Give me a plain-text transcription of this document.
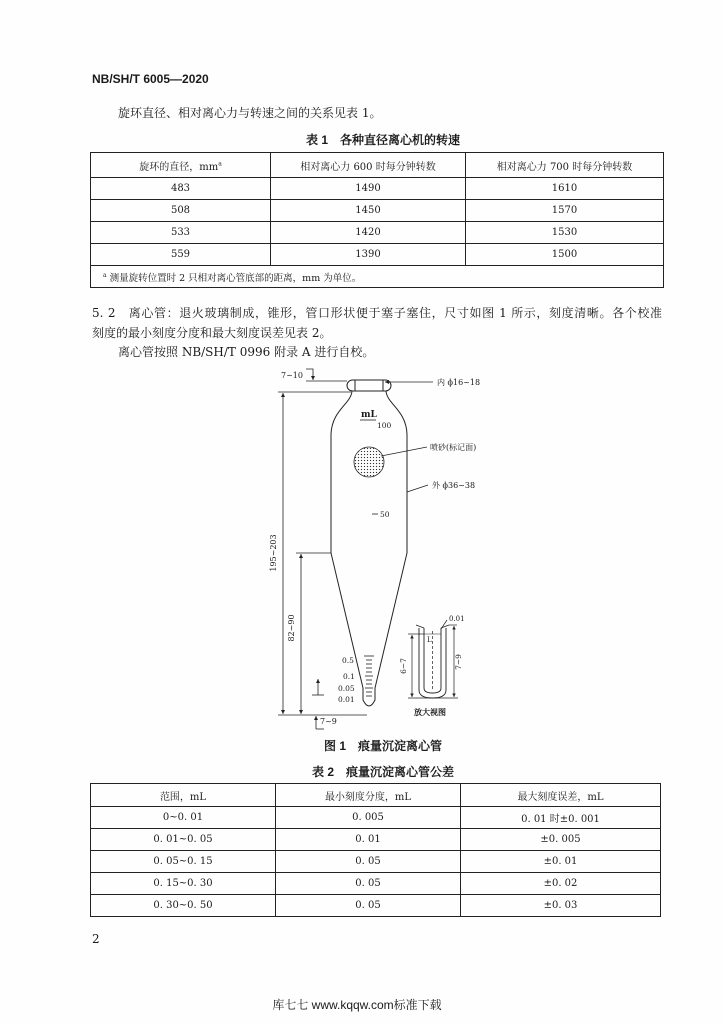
NB/SH/T 6005—2020
旋环直径、相对离心力与转速之间的关系见表 1。
表 1　各种直径离心机的转速
旋环的直径，$mm^a$	相对离心力 600 时每分钟转数	相对离心力 700 时每分钟转数
483	1490	1610
508	1450	1570
533	1420	1530
559	1390	1500
$^a$ 测量旋转位置时 2 只相对离心管底部的距离，mm 为单位。		
5. 2　离心管：退火玻璃制成，锥形，管口形状便于塞子塞住，尺寸如图 1 所示，刻度清晰。各个校准
刻度的最小刻度分度和最大刻度误差见表 2。
离心管按照 NB/SH/T 0996 附录 A 进行自校。
7~10
内 ϕ16~18
mL
100
喷砂(标记面)
外 ϕ36~38
50
195~203
82~90
0.5
0.1
0.05
0.01
7~9
0.01
L
6~7	7~9
放大视图
图 1　痕量沉淀离心管
表 2　痕量沉淀离心管公差
范围，mL	最小刻度分度，mL	最大刻度误差，mL
0~0. 01	0. 005	0. 01 时±0. 001
0. 01~0. 05	0. 01	±0. 005
0. 05~0. 15	0. 05	±0. 01
0. 15~0. 30	0. 05	±0. 02
0. 30~0. 50	0. 05	±0. 03
2
库七七 www.kqqw.com标准下载
